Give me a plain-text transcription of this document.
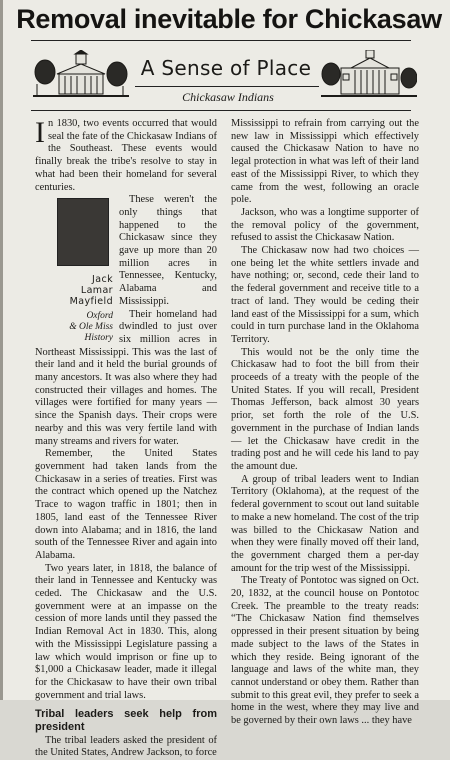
Removal inevitable for Chickasaw
A Sense of Place
Chickasaw Indians

In 1830, two events occurred that would seal the fate of the Chickasaw Indians of the Southeast. These events would finally break the tribe's resolve to stay in what had been their homeland for several centuries.

Jack
Lamar
Mayfield
Oxford
& Ole Miss
History

These weren't the only things that happened to the Chickasaw since they gave up more than 20 million acres in Tennessee, Kentucky, Alabama and Mississippi.

Their homeland had dwindled to just over six million acres in Northeast Mississippi. This was the last of their land and it held the burial grounds of many ancestors. It was also where they had constructed their villages and homes. The villages were fortified for many years — since the Spanish days. Their crops were nearby and this was very fertile land with many streams and rivers for water.

Remember, the United States government had taken lands from the Chickasaw in a series of treaties. First was the contract which opened up the Natchez Trace to wagon traffic in 1801; then in 1805, land east of the Tennessee River down into Alabama; and in 1816, the land south of the Tennessee River and again into Alabama.

Two years later, in 1818, the balance of their land in Tennessee and Kentucky was ceded. The Chickasaw and the U.S. government were at an impasse on the cession of more lands until they passed the Indian Removal Act in 1830. This, along with the Mississippi Legislature passing a law which would imprison or fine up to $1,000 a Chickasaw leader, made it illegal for the Chickasaw to have their own tribal government and trial laws.

Tribal leaders seek help from president

The tribal leaders asked the president of the United States, Andrew Jackson, to force

Mississippi to refrain from carrying out the new law in Mississippi which effectively caused the Chickasaw Nation to have no legal protection in what was left of their land east of the Mississippi River, to which they came from the west, following an oracle pole.

Jackson, who was a longtime supporter of the removal policy of the government, refused to assist the Chickasaw Nation.

The Chickasaw now had two choices — one being let the white settlers invade and have nothing; or, second, cede their land to the federal government and receive title to a tract of land. They would be ceding their land east of the Mississippi for a sum, which could in turn purchase land in the Oklahoma Territory.

This would not be the only time the Chickasaw had to foot the bill from their proceeds of a treaty with the people of the United States. If you will recall, President Thomas Jefferson, back almost 30 years prior, set forth the role of the U.S. government in the purchase of Indian lands — let the Chickasaw have credit in the trading post and he will cede his land to pay the amount due.

A group of tribal leaders went to Indian Territory (Oklahoma), at the request of the federal government to scout out land suitable to make a new homeland. The cost of the trip was billed to the Chickasaw Nation and when they were finally moved off their land, the government charged them a per-day amount for the trip west of the Mississippi.

The Treaty of Pontotoc was signed on Oct. 20, 1832, at the council house on Pontotoc Creek. The preamble to the treaty reads: “The Chickasaw Nation find themselves oppressed in their present situation by being made subject to the laws of the States in which they reside. Being ignorant of the language and laws of the white man, they cannot understand or obey them. Rather than submit to this great evil, they prefer to seek a home in the west, where they may live and be governed by their own laws ... they have
